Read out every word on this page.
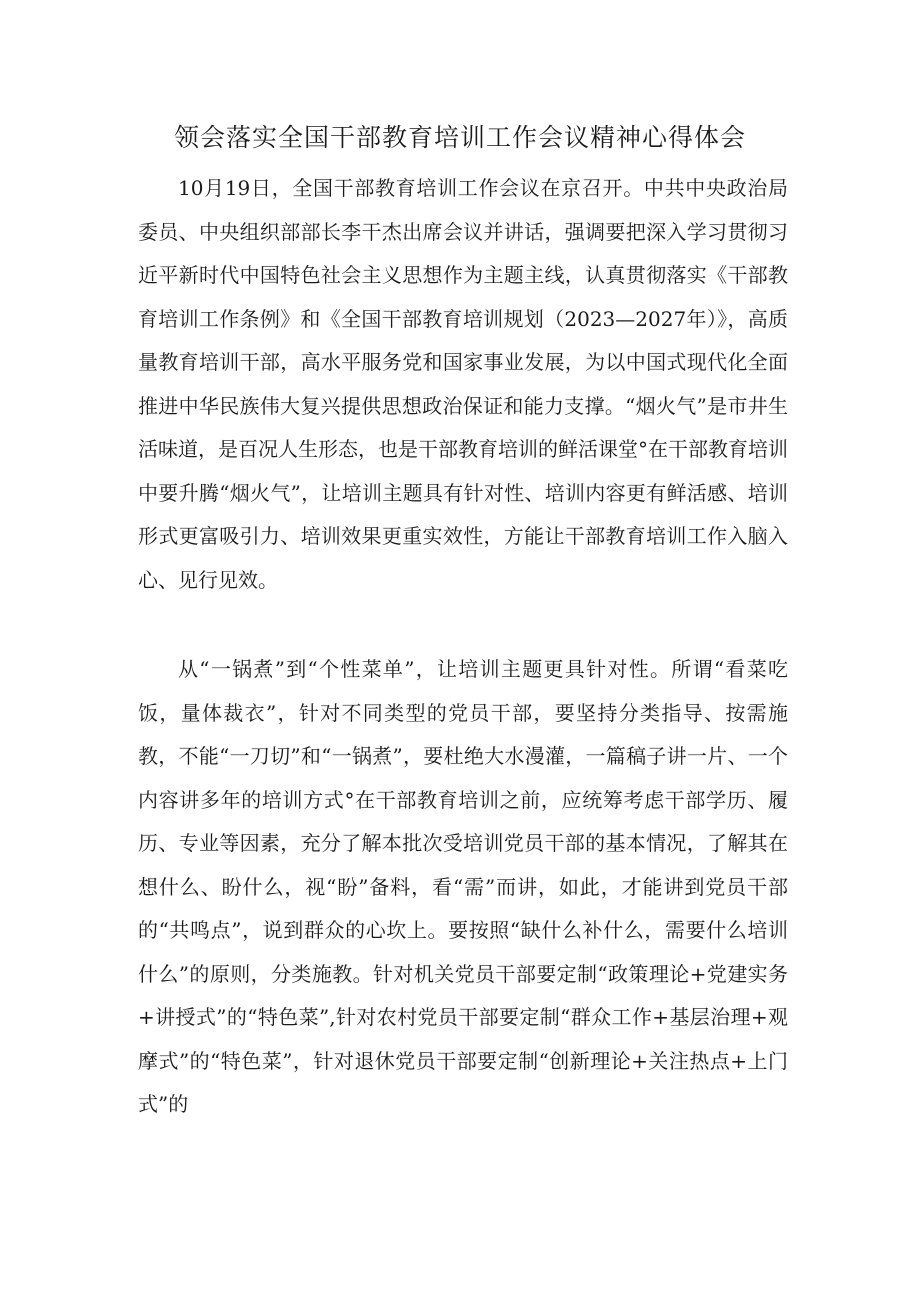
领会落实全国干部教育培训工作会议精神心得体会

10月19日，全国干部教育培训工作会议在京召开。中共中央政治局委员、中央组织部部长李干杰出席会议并讲话，强调要把深入学习贯彻习近平新时代中国特色社会主义思想作为主题主线，认真贯彻落实《干部教育培训工作条例》和《全国干部教育培训规划（2023—2027年）》，高质量教育培训干部，高水平服务党和国家事业发展，为以中国式现代化全面推进中华民族伟大复兴提供思想政治保证和能力支撑。“烟火气”是市井生活味道，是百况人生形态，也是干部教育培训的鲜活课堂°在干部教育培训中要升腾“烟火气”，让培训主题具有针对性、培训内容更有鲜活感、培训形式更富吸引力、培训效果更重实效性，方能让干部教育培训工作入脑入心、见行见效。

从“一锅煮”到“个性菜单”，让培训主题更具针对性。所谓“看菜吃饭，量体裁衣”，针对不同类型的党员干部，要坚持分类指导、按需施教，不能“一刀切”和“一锅煮”，要杜绝大水漫灌，一篇稿子讲一片、一个内容讲多年的培训方式°在干部教育培训之前，应统筹考虑干部学历、履历、专业等因素，充分了解本批次受培训党员干部的基本情况，了解其在想什么、盼什么，视“盼”备料，看“需”而讲，如此，才能讲到党员干部的“共鸣点”，说到群众的心坎上。要按照“缺什么补什么，需要什么培训什么”的原则，分类施教。针对机关党员干部要定制“政策理论+党建实务+讲授式”的“特色菜”,针对农村党员干部要定制“群众工作+基层治理+观摩式”的“特色菜”，针对退休党员干部要定制“创新理论+关注热点+上门式”的
